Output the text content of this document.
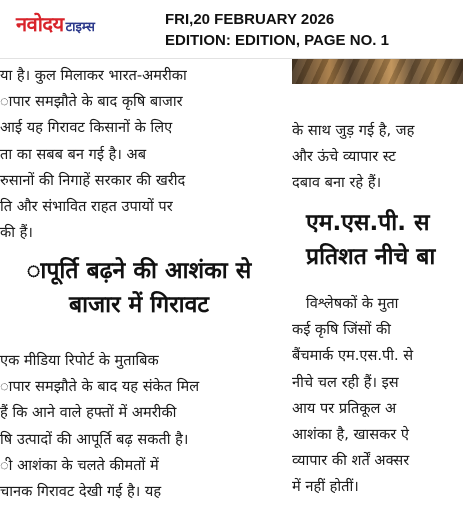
नवोदय टाइम्स	FRI,20 FEBRUARY 2026
EDITION: EDITION, PAGE NO. 1

या है। कुल मिलाकर भारत-अमरीका

ापार समझौते के बाद कृषि बाजार

आई यह गिरावट किसानों के लिए

ता का सबब बन गई है। अब

रुसानों की निगाहें सरकार की खरीद

ति और संभावित राहत उपायों पर

की हैं।

ापूर्ति बढ़ने की आशंका से

बाजार में गिरावट

एक मीडिया रिपोर्ट के मुताबिक

ापार समझौते के बाद यह संकेत मिल

हैं कि आने वाले हफ्तों में अमरीकी

षि उत्पादों की आपूर्ति बढ़ सकती है।

ी आशंका के चलते कीमतों में

चानक गिरावट देखी गई है। यह

के साथ जुड़ गई है, जह

और ऊंचे व्यापार स्ट

दबाव बना रहे हैं।

एम.एस.पी. स

प्रतिशत नीचे बा

विश्लेषकों के मुता

कई कृषि जिंसों की

बैंचमार्क एम.एस.पी. से

नीचे चल रही हैं। इस

आय पर प्रतिकूल अ

आशंका है, खासकर ऐ

व्यापार की शर्तें अक्सर

में नहीं होतीं।
